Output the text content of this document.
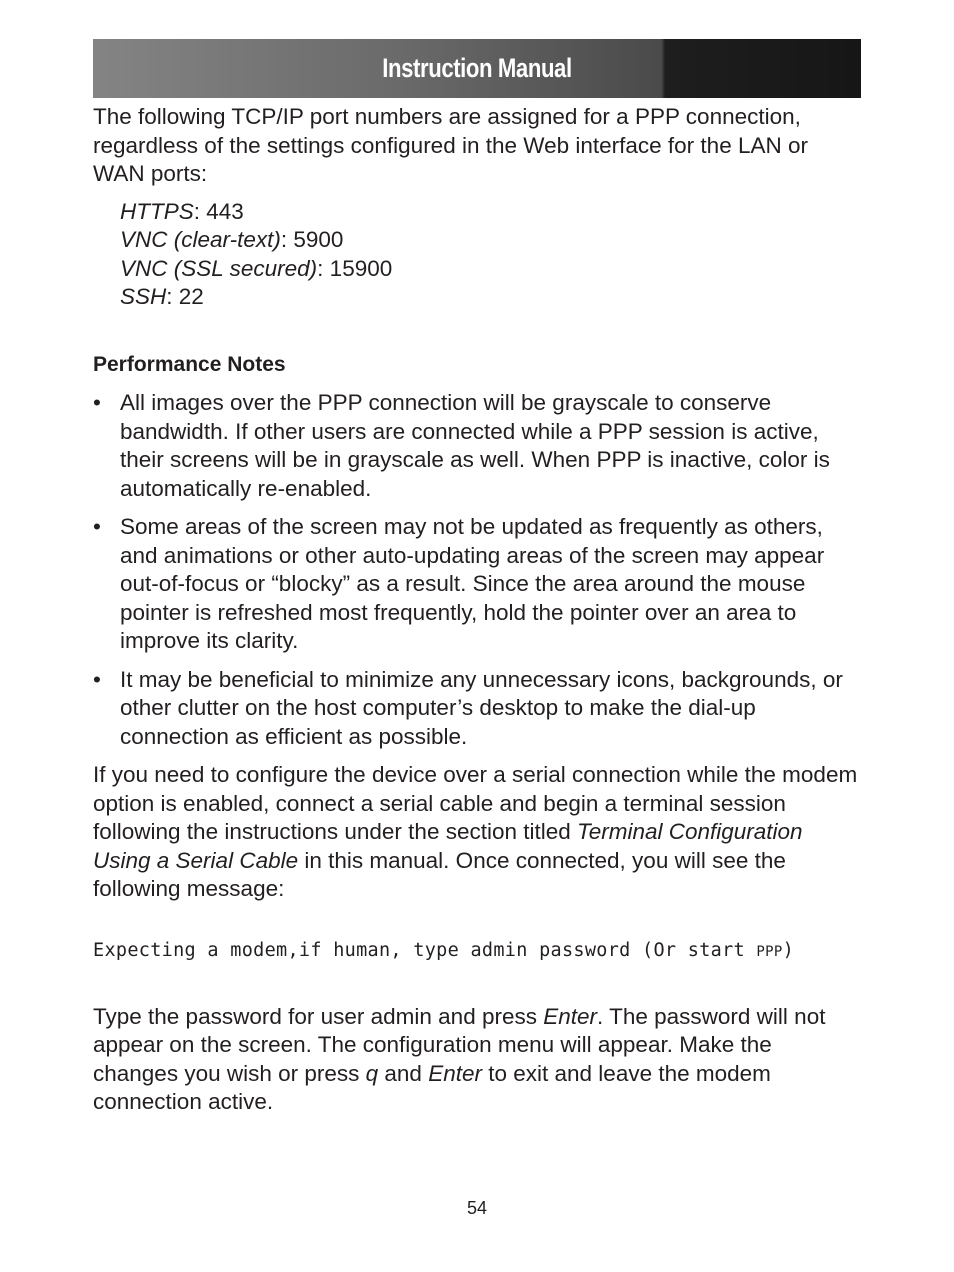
Instruction Manual

The following TCP/IP port numbers are assigned for a PPP connection, regardless of the settings configured in the Web interface for the LAN or WAN ports:

HTTPS: 443
VNC (clear-text): 5900
VNC (SSL secured): 15900
SSH: 22

Performance Notes

• All images over the PPP connection will be grayscale to conserve bandwidth. If other users are connected while a PPP session is active, their screens will be in grayscale as well. When PPP is inactive, color is automatically re-enabled.
• Some areas of the screen may not be updated as frequently as others, and animations or other auto-updating areas of the screen may appear out-of-focus or “blocky” as a result. Since the area around the mouse pointer is refreshed most frequently, hold the pointer over an area to improve its clarity.
• It may be beneficial to minimize any unnecessary icons, backgrounds, or other clutter on the host computer’s desktop to make the dial-up connection as efficient as possible.

If you need to configure the device over a serial connection while the modem option is enabled, connect a serial cable and begin a terminal session following the instructions under the section titled Terminal Configuration Using a Serial Cable in this manual. Once connected, you will see the following message:

Expecting a modem,if human, type admin password (Or start PPP)

Type the password for user admin and press Enter. The password will not appear on the screen. The configuration menu will appear. Make the changes you wish or press q and Enter to exit and leave the modem connection active.

54
